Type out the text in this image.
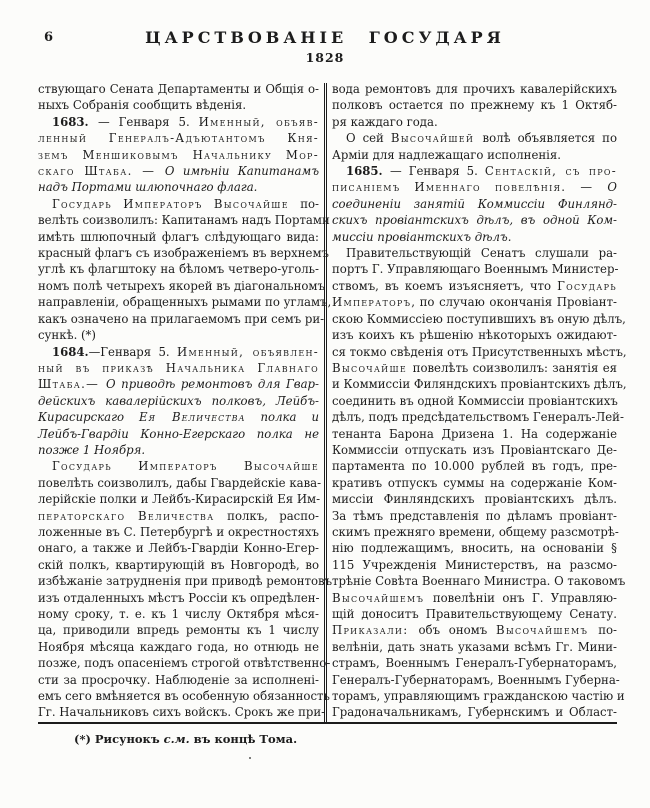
6	ЦАРСТВОВАНІЕ ГОСУДАРЯ
1828
ствующаго Сената Департаменты и Общія о-
ныхъ Собранія сообщить вѣденія.
1683. — Генваря 5. Именный, объяв-
ленный Генералъ-Адъютантомъ Кня-
земъ Меншиковымъ Начальнику Мор-
скаго Штаба. — О имѣніи Капитанамъ
надъ Портами шлюпочнаго флага.
Государь Императоръ Высочайше по-
велѣть соизволилъ: Капитанамъ надъ Портами
имѣть шлюпочный флагъ слѣдующаго вида:
красный флагъ съ изображеніемъ въ верхнемъ
углѣ къ флагштоку на бѣломъ четверо-уголь-
номъ полѣ четырехъ якорей въ діагональномъ
направленіи, обращенныхъ рымами по угламъ,
какъ означено на прилагаемомъ при семъ ри-
сункѣ. (*)
1684.—Генваря 5. Именный, объявлен-
ный въ приказѣ Начальника Главнаго
Штаба.— О приводѣ ремонтовъ для Гвар-
дейскихъ кавалерійскихъ полковъ, Лейбъ-
Кирасирскаго Ея Величества полка и
Лейбъ-Гвардіи Конно-Егерскаго полка не
позже 1 Ноября.
Государь Императоръ Высочайше
повелѣть соизволилъ, дабы Гвардейскіе кава-
лерійскіе полки и Лейбъ-Кирасирскій Ея Им-
ператорскаго Величества полкъ, распо-
ложенные въ С. Петербургѣ и окрестностяхъ
онаго, а также и Лейбъ-Гвардіи Конно-Егер-
скій полкъ, квартирующій въ Новгородѣ, во
избѣжаніе затрудненія при приводѣ ремонтовъ
изъ отдаленныхъ мѣстъ Россіи къ опредѣлен-
ному сроку, т. е. къ 1 числу Октября мѣся-
ца, приводили впредь ремонты къ 1 числу
Ноября мѣсяца каждаго года, но отнюдь не
позже, подъ опасеніемъ строгой отвѣтственно-
сти за просрочку. Наблюденіе за исполнені-
емъ сего вмѣняется въ особенную обязанность
Гг. Начальниковъ сихъ войскъ. Срокъ же при-
вода ремонтовъ для прочихъ кавалерійскихъ
полковъ остается по прежнему къ 1 Октяб-
ря каждаго года.
О сей Высочайшей волѣ объявляется по
Арміи для надлежащаго исполненія.
1685. — Генваря 5. Сентаскій, съ про-
писаніемъ Именнаго повелѣнія. — О
соединеніи занятій Коммиссіи Финлянд-
скихъ провіантскихъ дѣлъ, въ одной Ком-
миссіи провіантскихъ дѣлъ.
Правительствующій Сенатъ слушали ра-
портъ Г. Управляющаго Военнымъ Министер-
ствомъ, въ коемъ изъясняетъ, что Государь
Императоръ, по случаю окончанія Провіант-
скою Коммиссіею поступившихъ въ оную дѣлъ,
изъ коихъ къ рѣшенію нѣкоторыхъ ожидают-
ся токмо свѣденія отъ Присутственныхъ мѣстъ,
Высочайше повелѣть соизволилъ: занятія ея
и Коммиссіи Филяндскихъ провіантскихъ дѣлъ,
соединить въ одной Коммиссіи провіантскихъ
дѣлъ, подъ предсѣдательствомъ Генералъ-Лей-
тенанта Барона Дризена 1. На содержаніе
Коммиссіи отпускать изъ Провіантскаго Де-
партамента по 10.000 рублей въ годъ, пре-
кративъ отпускъ суммы на содержаніе Ком-
миссіи Финляндскихъ провіантскихъ дѣлъ.
За тѣмъ представленія по дѣламъ провіант-
скимъ прежняго времени, общему разсмотрѣ-
нію подлежащимъ, вносить, на основаніи §
115 Учрежденія Министерствъ, на разсмо-
трѣніе Совѣта Военнаго Министра. О таковомъ
Высочайшемъ повелѣніи онъ Г. Управляю-
щій доноситъ Правительствующему Сенату.
Приказали: объ ономъ Высочайшемъ по-
велѣніи, дать знать указами всѣмъ Гг. Мини-
страмъ, Военнымъ Генералъ-Губернаторамъ,
Генералъ-Губернаторамъ, Военнымъ Губерна-
торамъ, управляющимъ гражданскою частію и
Градоначальникамъ, Губернскимъ и Област-
(*) Рисунокъ с.м. въ концѣ Тома.
